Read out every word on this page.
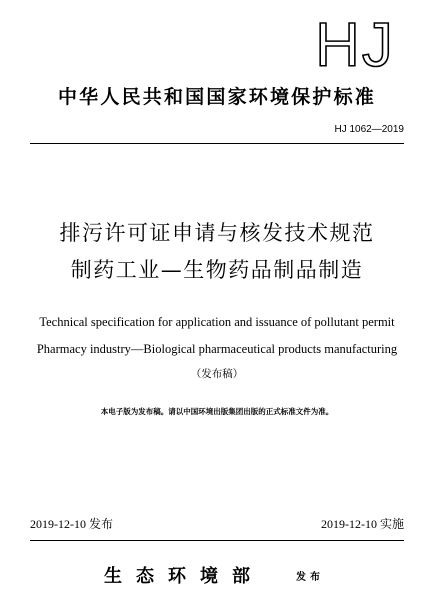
HJ
中华人民共和国国家环境保护标准
HJ 1062—2019
排污许可证申请与核发技术规范
制药工业—生物药品制品制造
Technical specification for application and issuance of pollutant permit
Pharmacy industry—Biological pharmaceutical products manufacturing
（发布稿）
本电子版为发布稿。请以中国环境出版集团出版的正式标准文件为准。
2019-12-10 发布	2019-12-10 实施
生态环境部	发布
